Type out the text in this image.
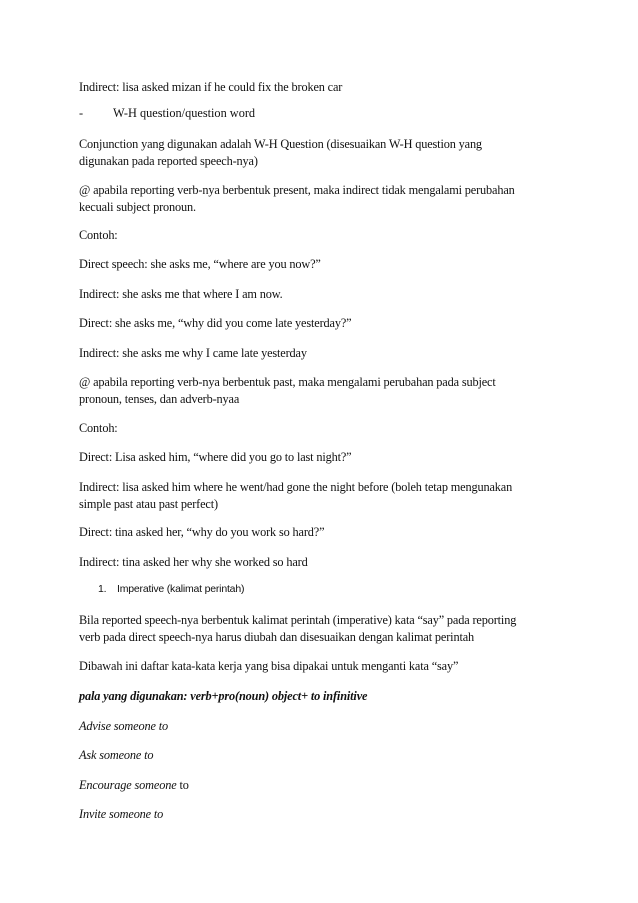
Indirect: lisa asked mizan if he could fix the broken car

- W-H question/question word

Conjunction yang digunakan adalah W-H Question (disesuaikan W-H question yang
digunakan pada reported speech-nya)

@ apabila reporting verb-nya berbentuk present, maka indirect tidak mengalami perubahan
kecuali subject pronoun.

Contoh:

Direct speech: she asks me, “where are you now?”

Indirect: she asks me that where I am now.

Direct: she asks me, “why did you come late yesterday?”

Indirect: she asks me why I came late yesterday

@ apabila reporting verb-nya berbentuk past, maka mengalami perubahan pada subject
pronoun, tenses, dan adverb-nyaa

Contoh:

Direct: Lisa asked him, “where did you go to last night?”

Indirect: lisa asked him where he went/had gone the night before (boleh tetap mengunakan
simple past atau past perfect)

Direct: tina asked her, “why do you work so hard?”

Indirect: tina asked her why she worked so hard

1. Imperative (kalimat perintah)

Bila reported speech-nya berbentuk kalimat perintah (imperative) kata “say” pada reporting
verb pada direct speech-nya harus diubah dan disesuaikan dengan kalimat perintah

Dibawah ini daftar kata-kata kerja yang bisa dipakai untuk menganti kata “say”

pala yang digunakan: verb+pro(noun) object+ to infinitive

Advise someone to

Ask someone to

Encourage someone to

Invite someone to
